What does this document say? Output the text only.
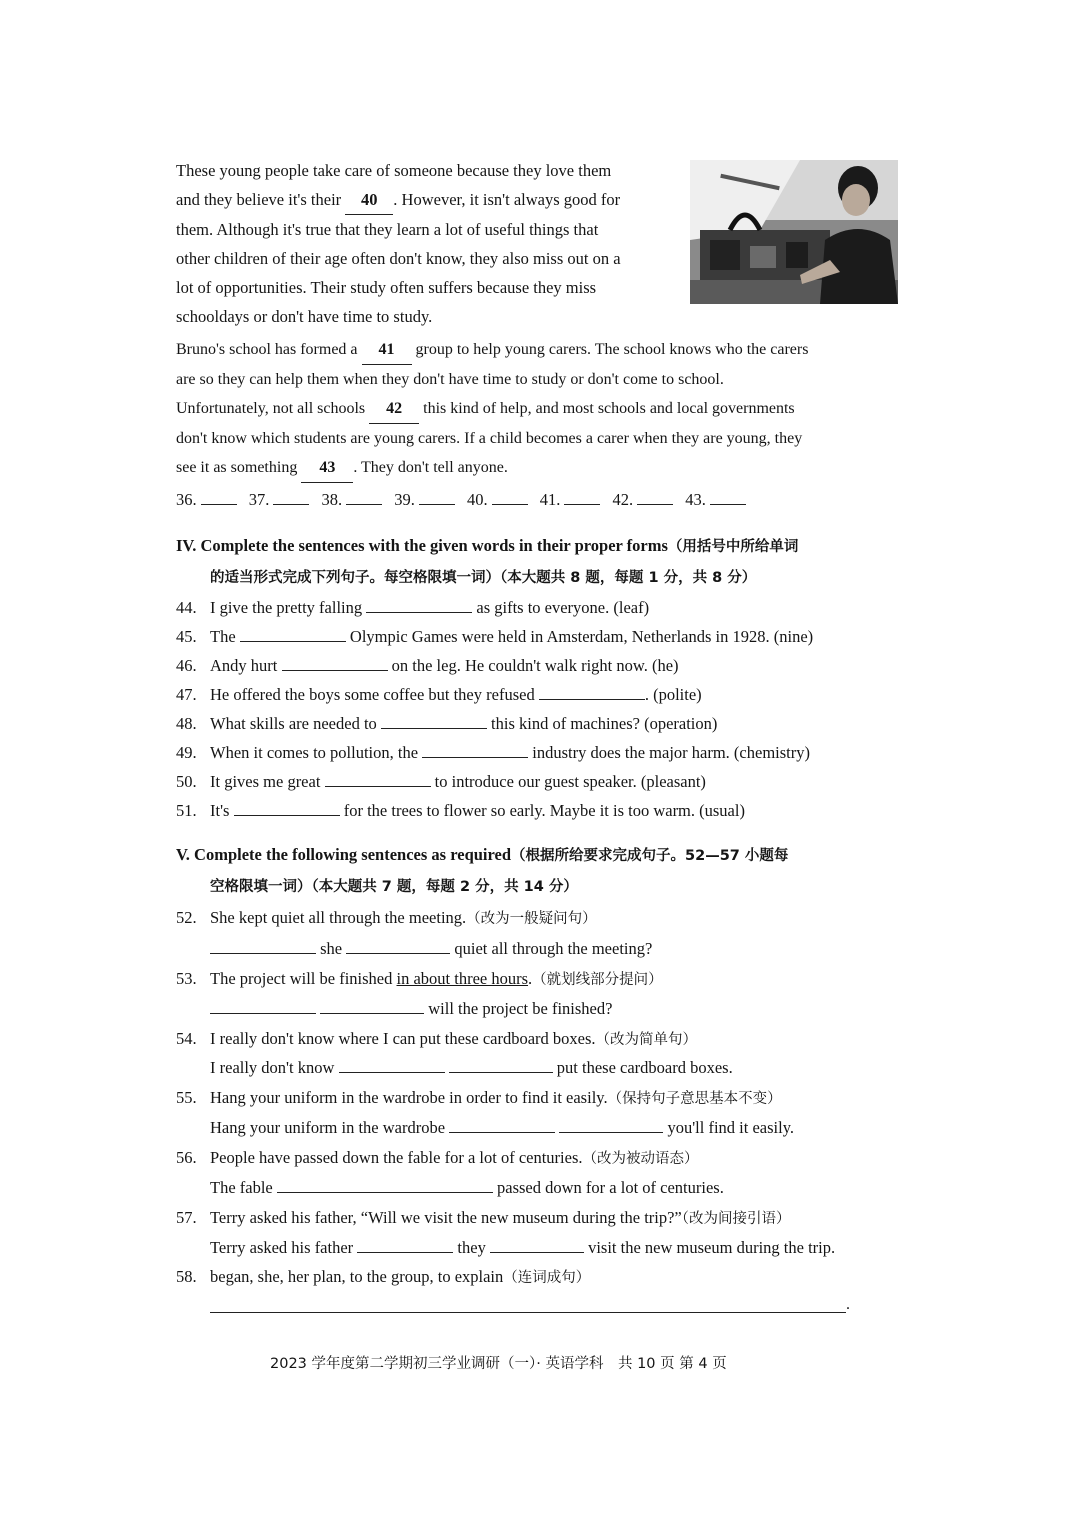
These young people take care of someone because they love them
and they believe it's their 40 . However, it isn't always good for
them. Although it's true that they learn a lot of useful things that
other children of their age often don't know, they also miss out on a
lot of opportunities. Their study often suffers because they miss
schooldays or don't have time to study.
Bruno's school has formed a 41 group to help young carers. The school knows who the carers
are so they can help them when they don't have time to study or don't come to school.
Unfortunately, not all schools 42 this kind of help, and most schools and local governments
don't know which students are young carers. If a child becomes a carer when they are young, they
see it as something 43 . They don't tell anyone.
36.	37.	38.	39.	40.	41.	42.	43.
IV. Complete the sentences with the given words in their proper forms（用括号中所给单词
的适当形式完成下列句子。每空格限填一词）（本大题共 8 题，每题 1 分，共 8 分）
44. I give the pretty falling	as gifts to everyone. (leaf)
45. The	Olympic Games were held in Amsterdam, Netherlands in 1928. (nine)
46. Andy hurt	on the leg. He couldn't walk right now. (he)
47. He offered the boys some coffee but they refused	. (polite)
48. What skills are needed to	this kind of machines? (operation)
49. When it comes to pollution, the	industry does the major harm. (chemistry)
50. It gives me great	to introduce our guest speaker. (pleasant)
51. It's	for the trees to flower so early. Maybe it is too warm. (usual)
V. Complete the following sentences as required（根据所给要求完成句子。52—57 小题每
空格限填一词）（本大题共 7 题，每题 2 分，共 14 分）
52. She kept quiet all through the meeting.（改为一般疑问句）
she	quiet all through the meeting?
53. The project will be finished in about three hours.（就划线部分提问）
will the project be finished?
54. I really don't know where I can put these cardboard boxes.（改为简单句）
I really don't know	put these cardboard boxes.
55. Hang your uniform in the wardrobe in order to find it easily.（保持句子意思基本不变）
Hang your uniform in the wardrobe	you'll find it easily.
56. People have passed down the fable for a lot of centuries.（改为被动语态）
The fable	passed down for a lot of centuries.
57. Terry asked his father, “Will we visit the new museum during the trip?”（改为间接引语）
Terry asked his father	they	visit the new museum during the trip.
58. began, she, her plan, to the group, to explain（连词成句）
.
2023 学年度第二学期初三学业调研（一）· 英语学科　共 10 页 第 4 页
